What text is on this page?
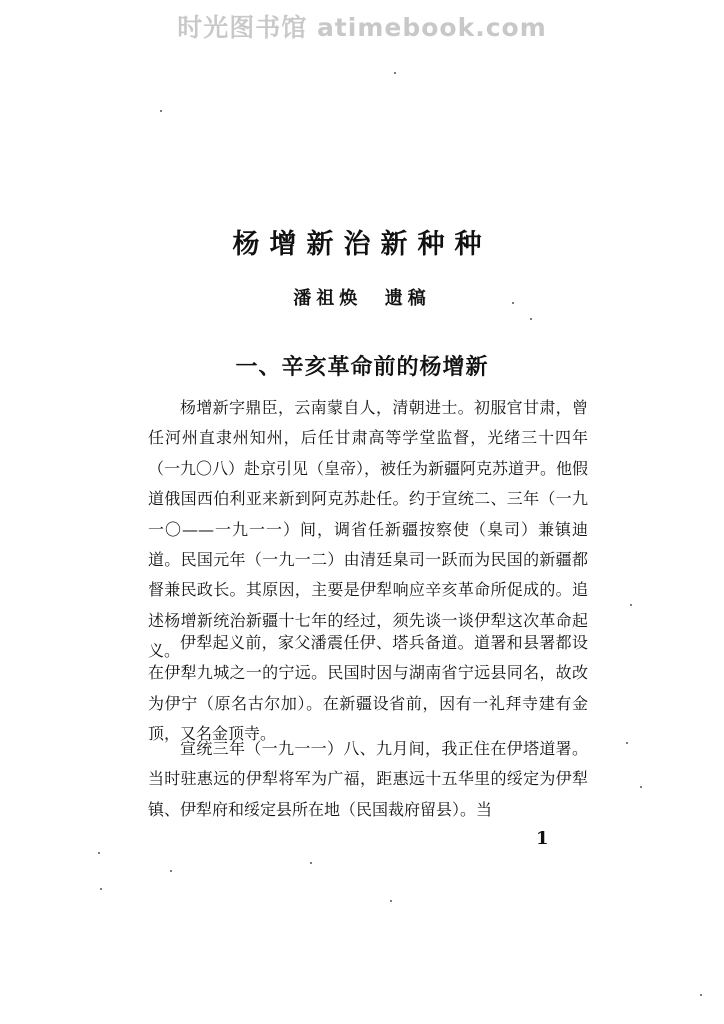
时光图书馆 atimebook.com
杨增新治新种种
潘祖焕  遗稿
一、辛亥革命前的杨增新

杨增新字鼎臣，云南蒙自人，清朝进士。初服官甘肃，曾任河州直隶州知州，后任甘肃高等学堂监督，光绪三十四年（一九〇八）赴京引见（皇帝），被任为新疆阿克苏道尹。他假道俄国西伯利亚来新到阿克苏赴任。约于宣统二、三年（一九一〇——一九一一）间，调省任新疆按察使（臬司）兼镇迪道。民国元年（一九一二）由清廷臬司一跃而为民国的新疆都督兼民政长。其原因，主要是伊犁响应辛亥革命所促成的。追述杨增新统治新疆十七年的经过，须先谈一谈伊犁这次革命起义。 伊犁起义前，家父潘震任伊、塔兵备道。道署和县署都设在伊犁九城之一的宁远。民国时因与湖南省宁远县同名，故改为伊宁（原名古尔加）。在新疆设省前，因有一礼拜寺建有金顶，又名金顶寺。

宣统三年（一九一一）八、九月间，我正住在伊塔道署。当时驻惠远的伊犁将军为广福，距惠远十五华里的绥定为伊犁镇、伊犁府和绥定县所在地（民国裁府留县）。当

1
